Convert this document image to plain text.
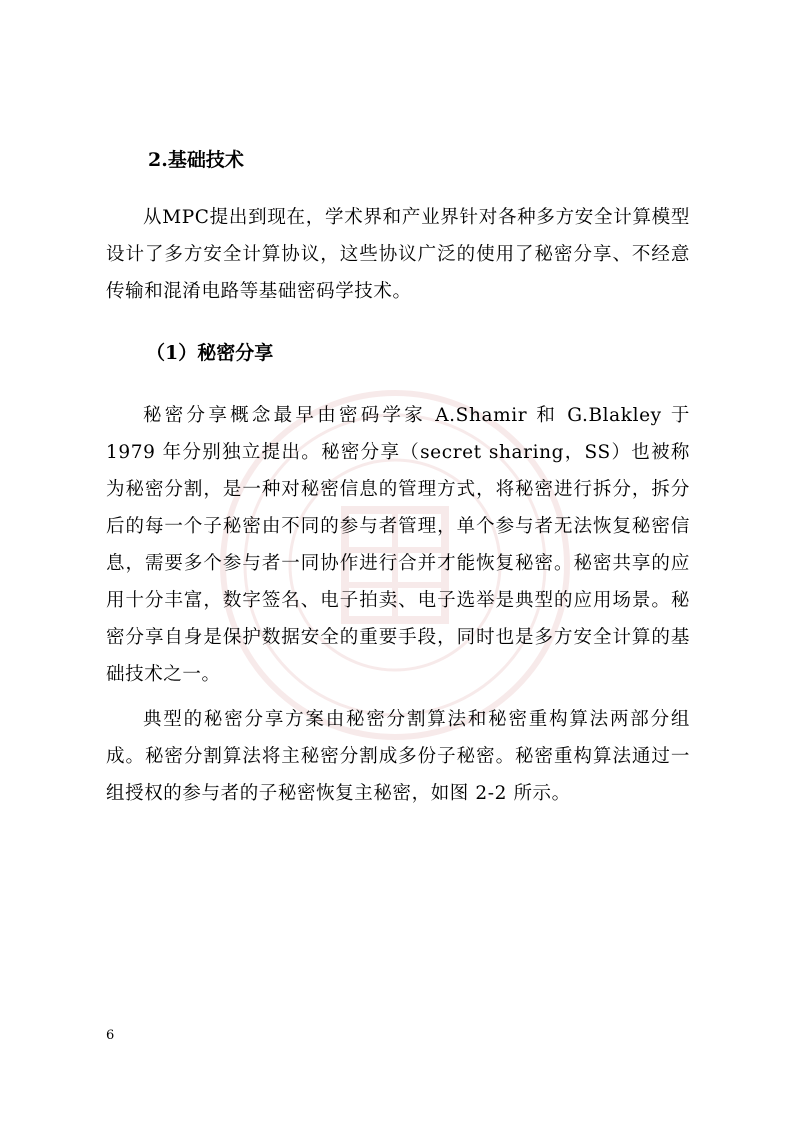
2.基础技术

从MPC提出到现在，学术界和产业界针对各种多方安全计算模型设计了多方安全计算协议，这些协议广泛的使用了秘密分享、不经意传输和混淆电路等基础密码学技术。

（1）秘密分享

秘密分享概念最早由密码学家 A.Shamir 和 G.Blakley 于 1979 年分别独立提出。秘密分享（secret sharing，SS）也被称为秘密分割，是一种对秘密信息的管理方式，将秘密进行拆分，拆分后的每一个子秘密由不同的参与者管理，单个参与者无法恢复秘密信息，需要多个参与者一同协作进行合并才能恢复秘密。秘密共享的应用十分丰富，数字签名、电子拍卖、电子选举是典型的应用场景。秘密分享自身是保护数据安全的重要手段，同时也是多方安全计算的基础技术之一。

典型的秘密分享方案由秘密分割算法和秘密重构算法两部分组成。秘密分割算法将主秘密分割成多份子秘密。秘密重构算法通过一组授权的参与者的子秘密恢复主秘密，如图 2-2 所示。

6
